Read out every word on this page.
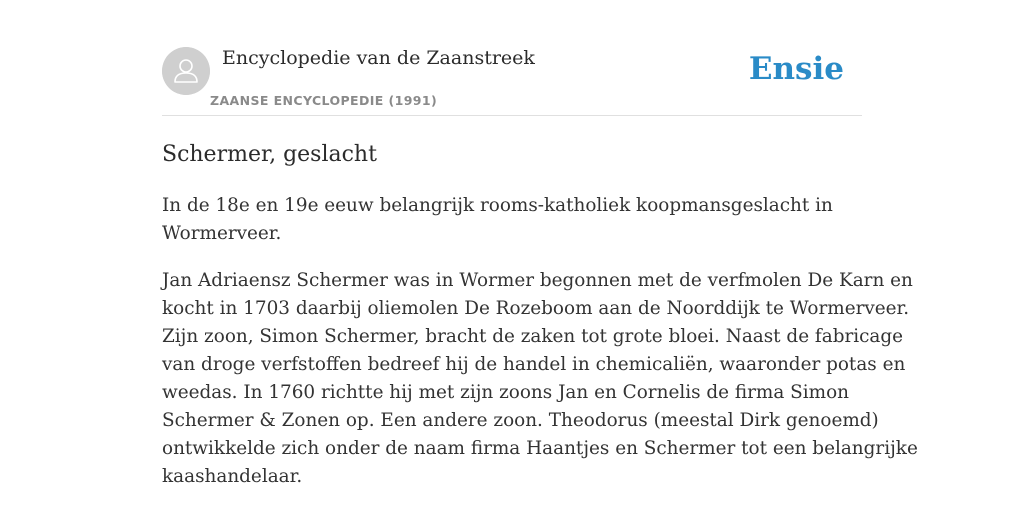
Encyclopedie van de Zaanstreek
ZAANSE ENCYCLOPEDIE (1991)
Ensie
Schermer, geslacht

In de 18e en 19e eeuw belangrijk rooms-katholiek koopmansgeslacht in
Wormerveer.

Jan Adriaensz Schermer was in Wormer begonnen met de verfmolen De Karn en
kocht in 1703 daarbij oliemolen De Rozeboom aan de Noorddijk te Wormerveer.
Zijn zoon, Simon Schermer, bracht de zaken tot grote bloei. Naast de fabricage
van droge verfstoffen bedreef hij de handel in chemicaliën, waaronder potas en
weedas. In 1760 richtte hij met zijn zoons Jan en Cornelis de firma Simon
Schermer & Zonen op. Een andere zoon. Theodorus (meestal Dirk genoemd)
ontwikkelde zich onder de naam firma Haantjes en Schermer tot een belangrijke
kaashandelaar.
